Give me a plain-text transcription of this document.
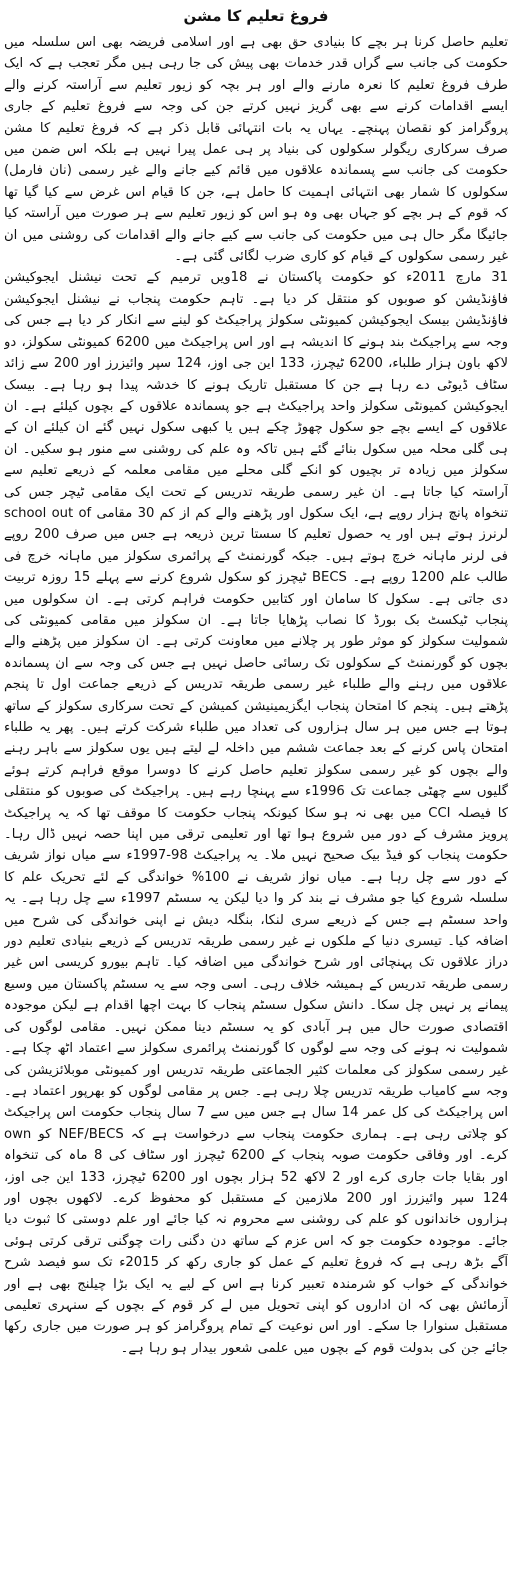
فروغ تعلیم کا مشن

تعلیم حاصل کرنا ہر بچے کا بنیادی حق بھی ہے اور اسلامی فریضہ بھی اس سلسلہ میں حکومت کی جانب سے گراں قدر خدمات بھی پیش کی جا رہی ہیں مگر تعجب ہے کہ ایک طرف فروغ تعلیم کا نعرہ مارنے والے اور ہر بچہ کو زیور تعلیم سے آراستہ کرنے والے ایسے اقدامات کرنے سے بھی گریز نہیں کرتے جن کی وجہ سے فروغ تعلیم کے جاری پروگرامز کو نقصان پہنچے۔ یہاں یہ بات انتہائی قابل ذکر ہے کہ فروغ تعلیم کا مشن صرف سرکاری ریگولر سکولوں کی بنیاد پر ہی عمل پیرا نہیں ہے بلکہ اس ضمن میں حکومت کی جانب سے پسماندہ علاقوں میں قائم کیے جانے والے غیر رسمی (نان فارمل) سکولوں کا شمار بھی انتہائی اہمیت کا حامل ہے، جن کا قیام اس غرض سے کیا گیا تھا کہ قوم کے ہر بچے کو جہاں بھی وہ ہو اس کو زیور تعلیم سے ہر صورت میں آراستہ کیا جائیگا مگر حال ہی میں حکومت کی جانب سے کیے جانے والے اقدامات کی روشنی میں ان غیر رسمی سکولوں کے قیام کو کاری ضرب لگائی گئی ہے۔

31 مارچ 2011ء کو حکومت پاکستان نے 18ویں ترمیم کے تحت نیشنل ایجوکیشن فاؤنڈیشن کو صوبوں کو منتقل کر دیا ہے۔ تاہم حکومت پنجاب نے نیشنل ایجوکیشن فاؤنڈیشن بیسک ایجوکیشن کمیونٹی سکولز پراجیکٹ کو لینے سے انکار کر دیا ہے جس کی وجہ سے پراجیکٹ بند ہونے کا اندیشہ ہے اور اس پراجیکٹ میں 6200 کمیونٹی سکولز، دو لاکھ باون ہزار طلباء، 6200 ٹیچرز، 133 این جی اوز، 124 سپر وائیزرز اور 200 سے زائد سٹاف ڈیوٹی دے رہا ہے جن کا مستقبل تاریک ہونے کا خدشہ پیدا ہو رہا ہے۔ بیسک ایجوکیشن کمیونٹی سکولز واحد پراجیکٹ ہے جو پسماندہ علاقوں کے بچوں کیلئے ہے۔ ان علاقوں کے ایسے بچے جو سکول چھوڑ چکے ہیں یا کبھی سکول نہیں گئے ان کیلئے ان کے ہی گلی محلہ میں سکول بنائے گئے ہیں تاکہ وہ علم کی روشنی سے منور ہو سکیں۔ ان سکولز میں زیادہ تر بچیوں کو انکے گلی محلے میں مقامی معلمہ کے ذریعے تعلیم سے آراستہ کیا جاتا ہے۔ ان غیر رسمی طریقہ تدریس کے تحت ایک مقامی ٹیچر جس کی تنخواہ پانچ ہزار روپے ہے، ایک سکول اور پڑھنے والے کم از کم 30 مقامی school out of لرنرز ہوتے ہیں اور یہ حصول تعلیم کا سستا ترین ذریعہ ہے جس میں صرف 200 روپے فی لرنر ماہانہ خرچ ہوتے ہیں۔ جبکہ گورنمنٹ کے پرائمری سکولز میں ماہانہ خرچ فی طالب علم 1200 روپے ہے۔ BECS ٹیچرز کو سکول شروع کرنے سے پہلے 15 روزہ تربیت دی جاتی ہے۔ سکول کا سامان اور کتابیں حکومت فراہم کرتی ہے۔ ان سکولوں میں پنجاب ٹیکسٹ بک بورڈ کا نصاب پڑھایا جاتا ہے۔ ان سکولز میں مقامی کمیونٹی کی شمولیت سکولز کو موثر طور پر چلانے میں معاونت کرتی ہے۔ ان سکولز میں پڑھنے والے بچوں کو گورنمنٹ کے سکولوں تک رسائی حاصل نہیں ہے جس کی وجہ سے ان پسماندہ علاقوں میں رہنے والے طلباء غیر رسمی طریقہ تدریس کے ذریعے جماعت اول تا پنجم پڑھتے ہیں۔ پنجم کا امتحان پنجاب ایگزیمینیشن کمیشن کے تحت سرکاری سکولز کے ساتھ ہوتا ہے جس میں ہر سال ہزاروں کی تعداد میں طلباء شرکت کرتے ہیں۔ پھر یہ طلباء امتحان پاس کرنے کے بعد جماعت ششم میں داخلہ لے لیتے ہیں یوں سکولز سے باہر رہنے والے بچوں کو غیر رسمی سکولز تعلیم حاصل کرنے کا دوسرا موقع فراہم کرتے ہوئے گلیوں سے چھٹی جماعت تک 1996ء سے پہنچا رہے ہیں۔ پراجیکٹ کی صوبوں کو منتقلی کا فیصلہ CCI میں بھی نہ ہو سکا کیونکہ پنجاب حکومت کا موقف تھا کہ یہ پراجیکٹ پرویز مشرف کے دور میں شروع ہوا تھا اور تعلیمی ترقی میں اپنا حصہ نہیں ڈال رہا۔ حکومت پنجاب کو فیڈ بیک صحیح نہیں ملا۔ یہ پراجیکٹ 98-1997ء سے میاں نواز شریف کے دور سے چل رہا ہے۔ میاں نواز شریف نے 100% خواندگی کے لئے تحریک علم کا سلسلہ شروع کیا جو مشرف نے بند کر وا دیا لیکن یہ سسٹم 1997ء سے چل رہا ہے۔ یہ واحد سسٹم ہے جس کے ذریعے سری لنکا، بنگلہ دیش نے اپنی خواندگی کی شرح میں اضافہ کیا۔ تیسری دنیا کے ملکوں نے غیر رسمی طریقہ تدریس کے ذریعے بنیادی تعلیم دور دراز علاقوں تک پہنچائی اور شرح خواندگی میں اضافہ کیا۔ تاہم بیورو کریسی اس غیر رسمی طریقہ تدریس کے ہمیشہ خلاف رہی۔ اسی وجہ سے یہ سسٹم پاکستان میں وسیع پیمانے پر نہیں چل سکا۔ دانش سکول سسٹم پنجاب کا بہت اچھا اقدام ہے لیکن موجودہ اقتصادی صورت حال میں ہر آبادی کو یہ سسٹم دینا ممکن نہیں۔ مقامی لوگوں کی شمولیت نہ ہونے کی وجہ سے لوگوں کا گورنمنٹ پرائمری سکولز سے اعتماد اٹھ چکا ہے۔ غیر رسمی سکولز کی معلمات کثیر الجماعتی طریقہ تدریس اور کمیونٹی موبلائزیشن کی وجہ سے کامیاب طریقہ تدریس چلا رہی ہے۔ جس پر مقامی لوگوں کو بھرپور اعتماد ہے۔ اس پراجیکٹ کی کل عمر 14 سال ہے جس میں سے 7 سال پنجاب حکومت اس پراجیکٹ کو چلاتی رہی ہے۔ ہماری حکومت پنجاب سے درخواست ہے کہ NEF/BECS کو own کرے۔ اور وفاقی حکومت صوبہ پنجاب کے 6200 ٹیچرز اور سٹاف کی 8 ماہ کی تنخواہ اور بقایا جات جاری کرے اور 2 لاکھ 52 ہزار بچوں اور 6200 ٹیچرز، 133 این جی اوز، 124 سپر وائیزرز اور 200 ملازمین کے مستقبل کو محفوظ کرے۔ لاکھوں بچوں اور ہزاروں خاندانوں کو علم کی روشنی سے محروم نہ کیا جائے اور علم دوستی کا ثبوت دیا جائے۔ موجودہ حکومت جو کہ اس عزم کے ساتھ دن دگنی رات چوگنی ترقی کرتی ہوئی آگے بڑھ رہی ہے کہ فروغ تعلیم کے عمل کو جاری رکھ کر 2015ء تک سو فیصد شرح خواندگی کے خواب کو شرمندہ تعبیر کرنا ہے اس کے لیے یہ ایک بڑا چیلنج بھی ہے اور آزمائش بھی کہ ان اداروں کو اپنی تحویل میں لے کر قوم کے بچوں کے سنہری تعلیمی مستقبل سنوارا جا سکے۔ اور اس نوعیت کے تمام پروگرامز کو ہر صورت میں جاری رکھا جائے جن کی بدولت قوم کے بچوں میں علمی شعور بیدار ہو رہا ہے۔
